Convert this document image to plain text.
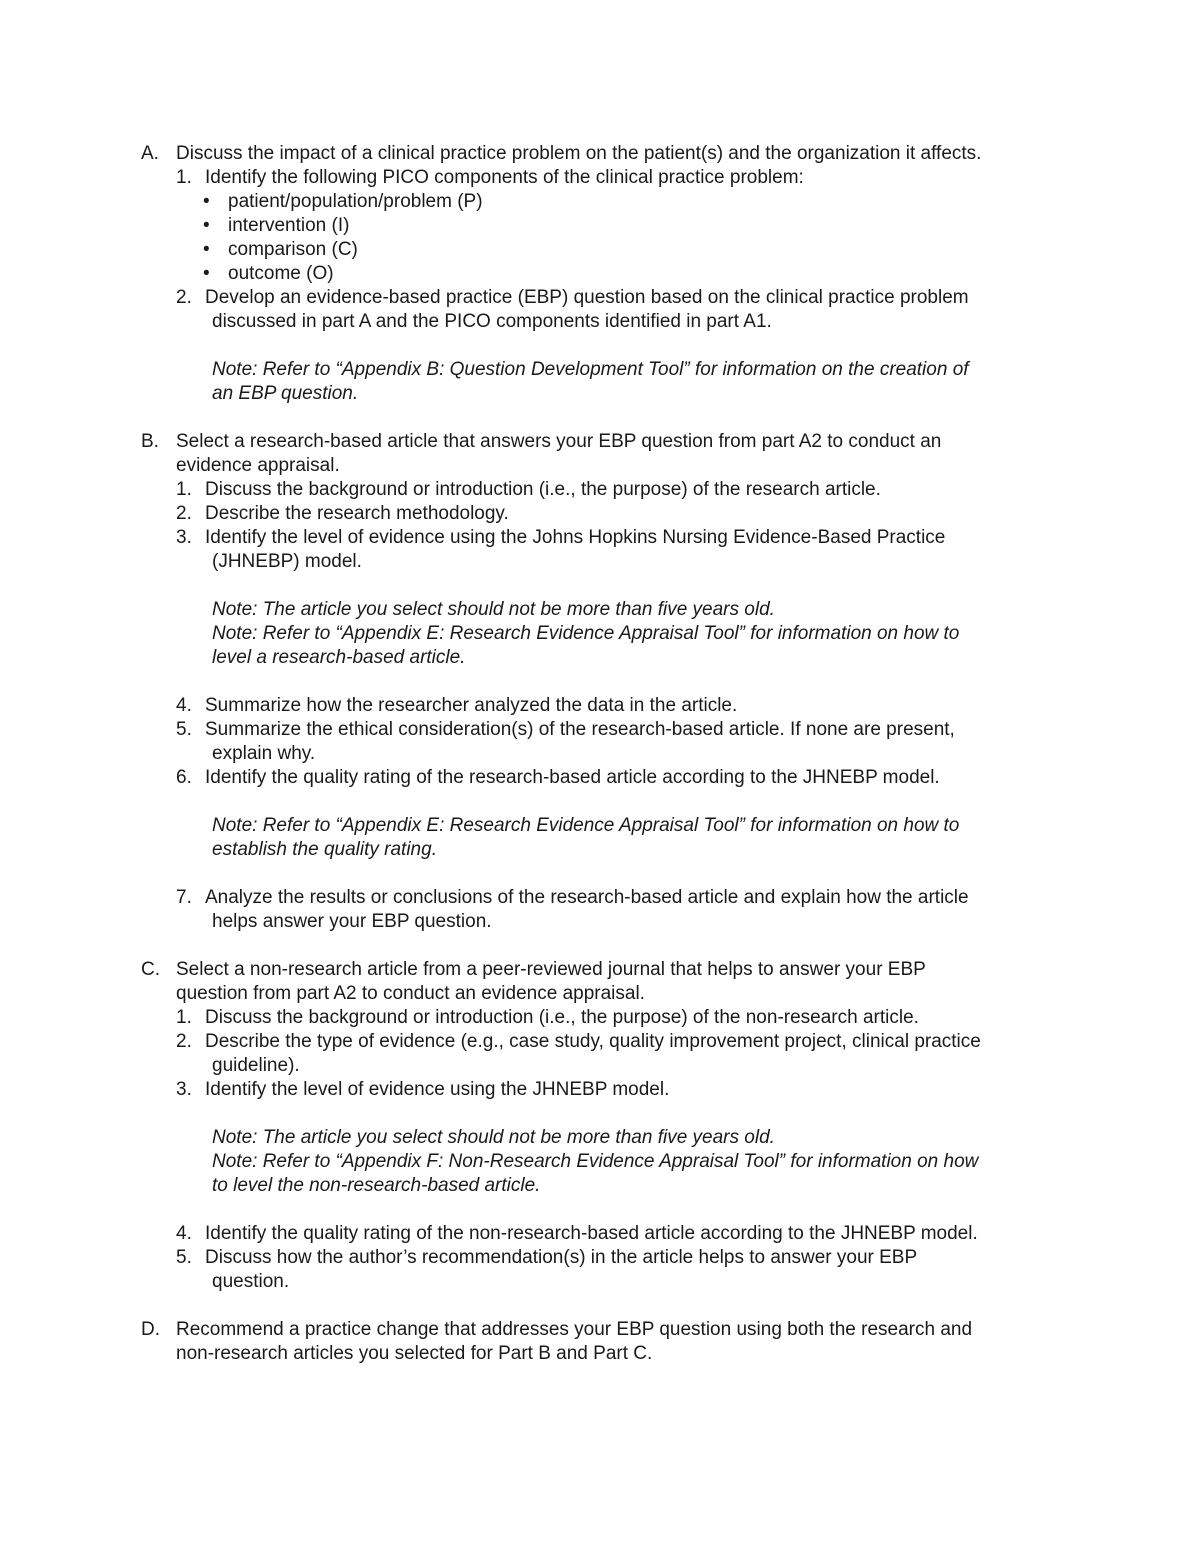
A. Discuss the impact of a clinical practice problem on the patient(s) and the organization it affects.
1. Identify the following PICO components of the clinical practice problem:
• patient/population/problem (P)
• intervention (I)
• comparison (C)
• outcome (O)
2. Develop an evidence-based practice (EBP) question based on the clinical practice problem
discussed in part A and the PICO components identified in part A1.
Note: Refer to “Appendix B: Question Development Tool” for information on the creation of
an EBP question.
B. Select a research-based article that answers your EBP question from part A2 to conduct an
evidence appraisal.
1. Discuss the background or introduction (i.e., the purpose) of the research article.
2. Describe the research methodology.
3. Identify the level of evidence using the Johns Hopkins Nursing Evidence-Based Practice
(JHNEBP) model.
Note: The article you select should not be more than five years old.
Note: Refer to “Appendix E: Research Evidence Appraisal Tool” for information on how to
level a research-based article.
4. Summarize how the researcher analyzed the data in the article.
5. Summarize the ethical consideration(s) of the research-based article. If none are present,
explain why.
6. Identify the quality rating of the research-based article according to the JHNEBP model.
Note: Refer to “Appendix E: Research Evidence Appraisal Tool” for information on how to
establish the quality rating.
7. Analyze the results or conclusions of the research-based article and explain how the article
helps answer your EBP question.
C. Select a non-research article from a peer-reviewed journal that helps to answer your EBP
question from part A2 to conduct an evidence appraisal.
1. Discuss the background or introduction (i.e., the purpose) of the non-research article.
2. Describe the type of evidence (e.g., case study, quality improvement project, clinical practice
guideline).
3. Identify the level of evidence using the JHNEBP model.
Note: The article you select should not be more than five years old.
Note: Refer to “Appendix F: Non-Research Evidence Appraisal Tool” for information on how
to level the non-research-based article.
4. Identify the quality rating of the non-research-based article according to the JHNEBP model.
5. Discuss how the author’s recommendation(s) in the article helps to answer your EBP
question.
D. Recommend a practice change that addresses your EBP question using both the research and
non-research articles you selected for Part B and Part C.
